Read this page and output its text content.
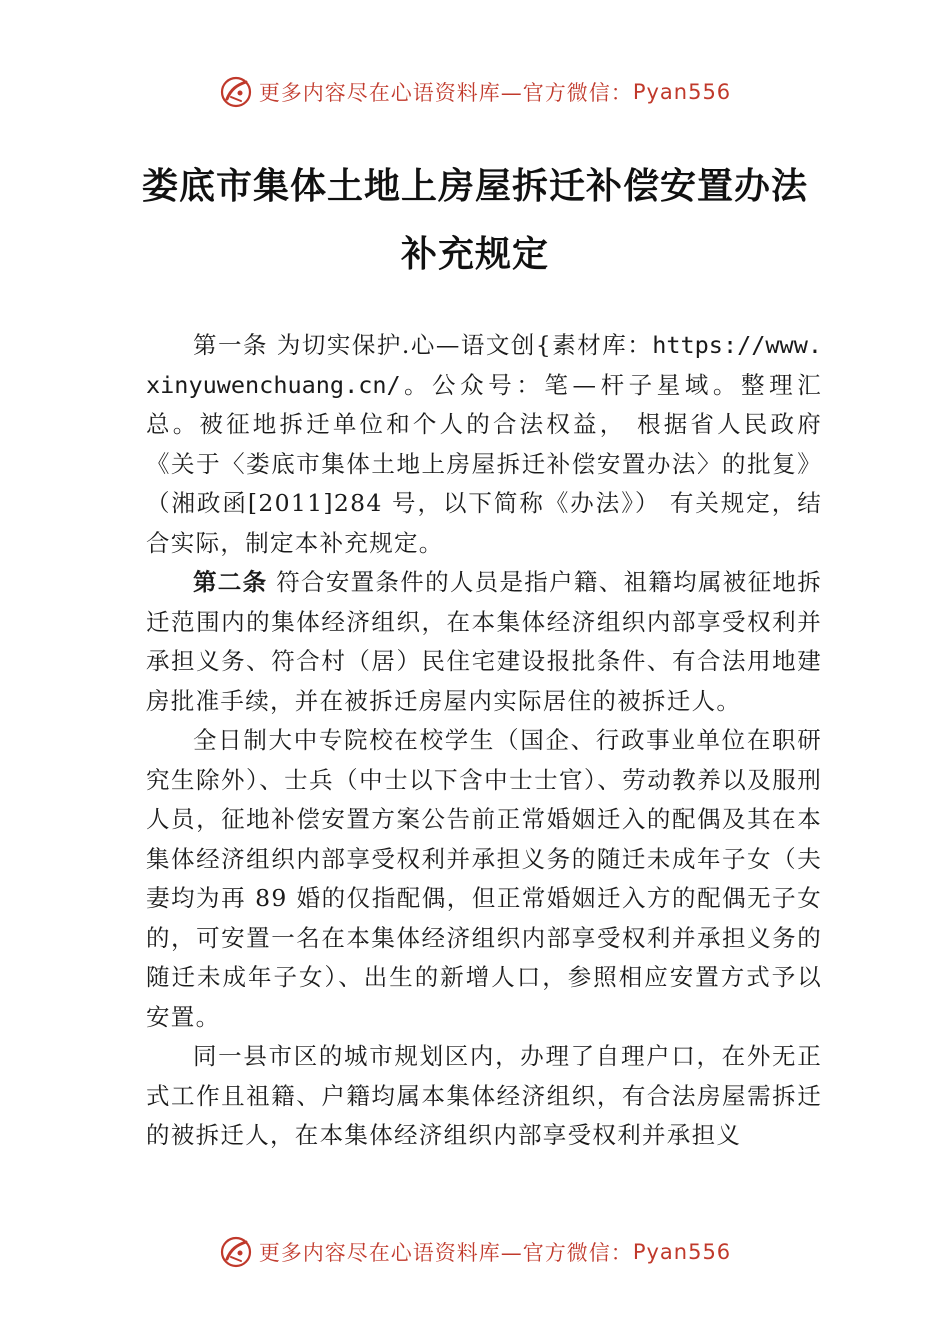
更多内容尽在心语资料库—官方微信： Pyan556
娄底市集体土地上房屋拆迁补偿安置办法
补充规定

第一条 为切实保护.心—语文创{素材库：https://www.xinyuwenchuang.cn/。公众号：笔—杆子星域。整理汇总。被征地拆迁单位和个人的合法权益， 根据省人民政府《关于〈娄底市集体土地上房屋拆迁补偿安置办法〉的批复》（湘政函[2011]284 号，以下简称《办法》） 有关规定，结合实际，制定本补充规定。

第二条 符合安置条件的人员是指户籍、祖籍均属被征地拆迁范围内的集体经济组织，在本集体经济组织内部享受权利并承担义务、符合村（居）民住宅建设报批条件、有合法用地建房批准手续，并在被拆迁房屋内实际居住的被拆迁人。

全日制大中专院校在校学生（国企、行政事业单位在职研究生除外）、士兵（中士以下含中士士官）、劳动教养以及服刑人员，征地补偿安置方案公告前正常婚姻迁入的配偶及其在本集体经济组织内部享受权利并承担义务的随迁未成年子女（夫妻均为再 89 婚的仅指配偶，但正常婚姻迁入方的配偶无子女的，可安置一名在本集体经济组织内部享受权利并承担义务的随迁未成年子女）、出生的新增人口，参照相应安置方式予以安置。

同一县市区的城市规划区内，办理了自理户口，在外无正式工作且祖籍、户籍均属本集体经济组织，有合法房屋需拆迁的被拆迁人，在本集体经济组织内部享受权利并承担义

更多内容尽在心语资料库—官方微信： Pyan556
